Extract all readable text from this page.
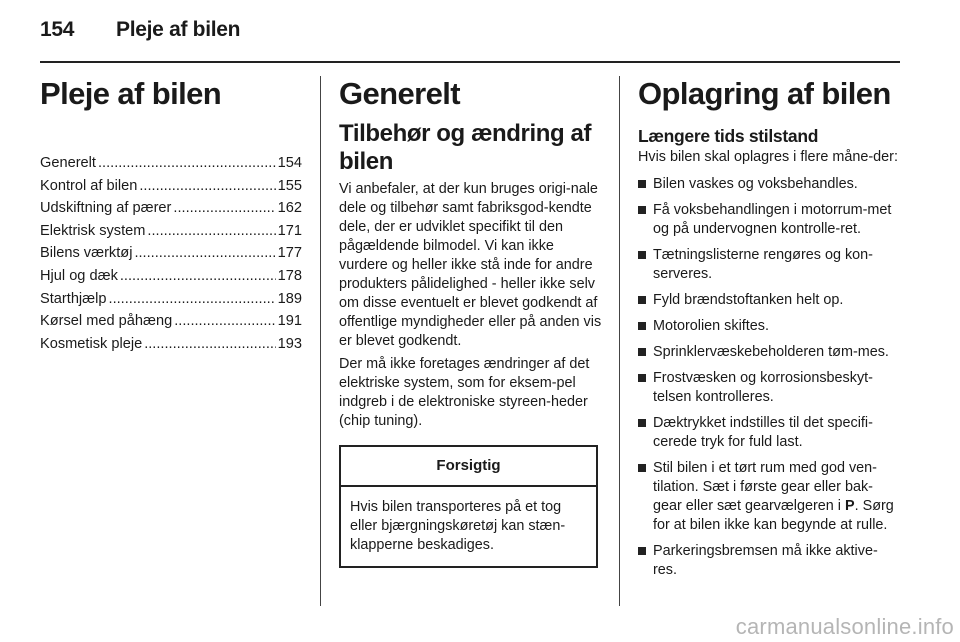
154 Pleje af bilen
Pleje af bilen
Generelt .....	154
Kontrol af bilen .....	155
Udskiftning af pærer .....	162
Elektrisk system .....	171
Bilens værktøj .....	177
Hjul og dæk .....	178
Starthjælp .....	189
Kørsel med påhæng .....	191
Kosmetisk pleje .....	193
Generelt
Tilbehør og ændring af bilen

Vi anbefaler, at der kun bruges origi-nale dele og tilbehør samt fabriksgod-kendte dele, der er udviklet specifikt til den pågældende bilmodel. Vi kan ikke vurdere og heller ikke stå inde for andre produkters pålidelighed - heller ikke selv om disse eventuelt er blevet godkendt af offentlige myndigheder eller på anden vis er blevet godkendt.

Der må ikke foretages ændringer af det elektriske system, som for eksem-pel indgreb i de elektroniske styreen-heder (chip tuning).

Forsigtig
Hvis bilen transporteres på et tog eller bjærgningskøretøj kan stæn-klapperne beskadiges.
Oplagring af bilen
Længere tids stilstand

Hvis bilen skal oplagres i flere måne-der:

Bilen vaskes og voksbehandles.
Få voksbehandlingen i motorrum-met og på undervognen kontrolle-ret.
Tætningslisterne rengøres og kon-serveres.
Fyld brændstoftanken helt op.
Motorolien skiftes.
Sprinklervæskebeholderen tøm-mes.
Frostvæsken og korrosionsbeskyt-telsen kontrolleres.
Dæktrykket indstilles til det specifi-cerede tryk for fuld last.
Stil bilen i et tørt rum med god ven-tilation. Sæt i første gear eller bak-gear eller sæt gearvælgeren i P. Sørg for at bilen ikke kan begynde at rulle.
Parkeringsbremsen må ikke aktive-res.
carmanualsonline.info
